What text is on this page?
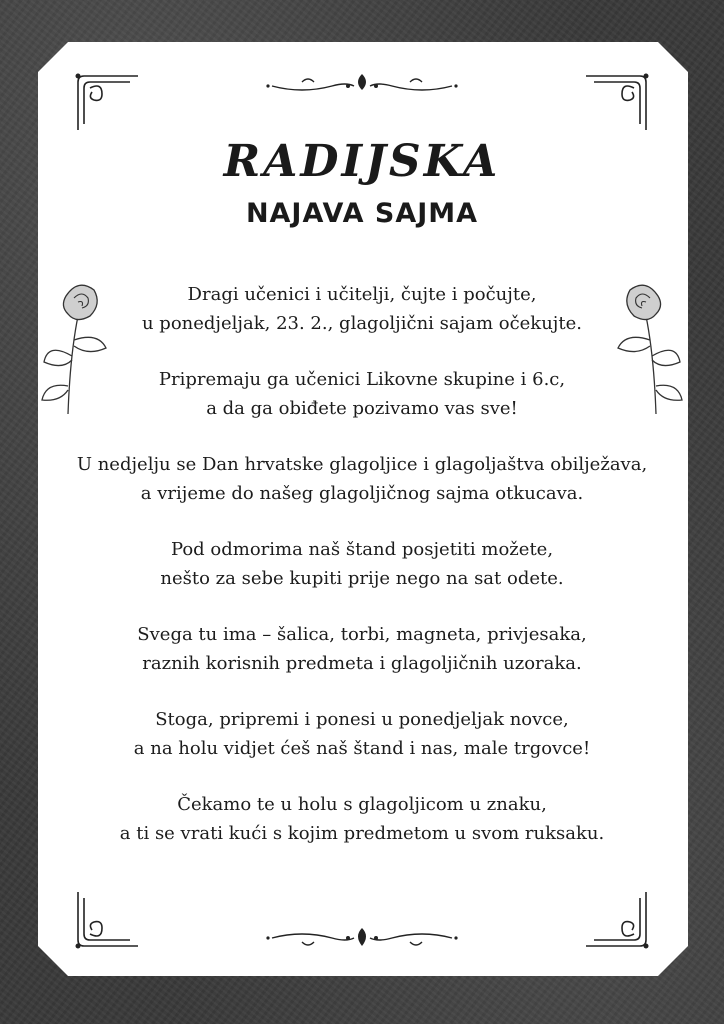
RADIJSKA
NAJAVA SAJMA

Dragi učenici i učitelji, čujte i počujte,
u ponedjeljak, 23. 2., glagoljični sajam očekujte.

Pripremaju ga učenici Likovne skupine i 6.c,
a da ga obiđete pozivamo vas sve!

U nedjelju se Dan hrvatske glagoljice i glagoljaštva obilježava,
a vrijeme do našeg glagoljičnog sajma otkucava.

Pod odmorima naš štand posjetiti možete,
nešto za sebe kupiti prije nego na sat odete.

Svega tu ima – šalica, torbi, magneta, privjesaka,
raznih korisnih predmeta i glagoljičnih uzoraka.

Stoga, pripremi i ponesi u ponedjeljak novce,
a na holu vidjet ćeš naš štand i nas, male trgovce!

Čekamo te u holu s glagoljicom u znaku,
a ti se vrati kući s kojim predmetom u svom ruksaku.
